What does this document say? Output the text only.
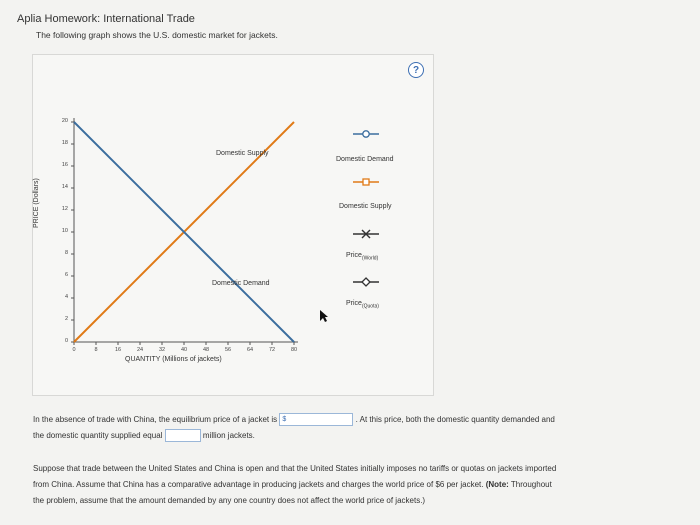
Aplia Homework: International Trade
The following graph shows the U.S. domestic market for jackets.
?
PRICE (Dollars)
QUANTITY (Millions of jackets)
0
2
4
6
8
10
12
14
16
18
20
0	8	16	24	32	40	48	56	64	72	80
Domestic Supply
Domestic Demand
Domestic Demand
Domestic Supply
Price$_{(World)}$
Price$_{(Quota)}$
In the absence of trade with China, the equilibrium price of a jacket is $	. At this price, both the domestic quantity demanded and
the domestic quantity supplied equal	million jackets.
Suppose that trade between the United States and China is open and that the United States initially imposes no tariffs or quotas on jackets imported
from China. Assume that China has a comparative advantage in producing jackets and charges the world price of $6 per jacket. (Note: Throughout
the problem, assume that the amount demanded by any one country does not affect the world price of jackets.)
